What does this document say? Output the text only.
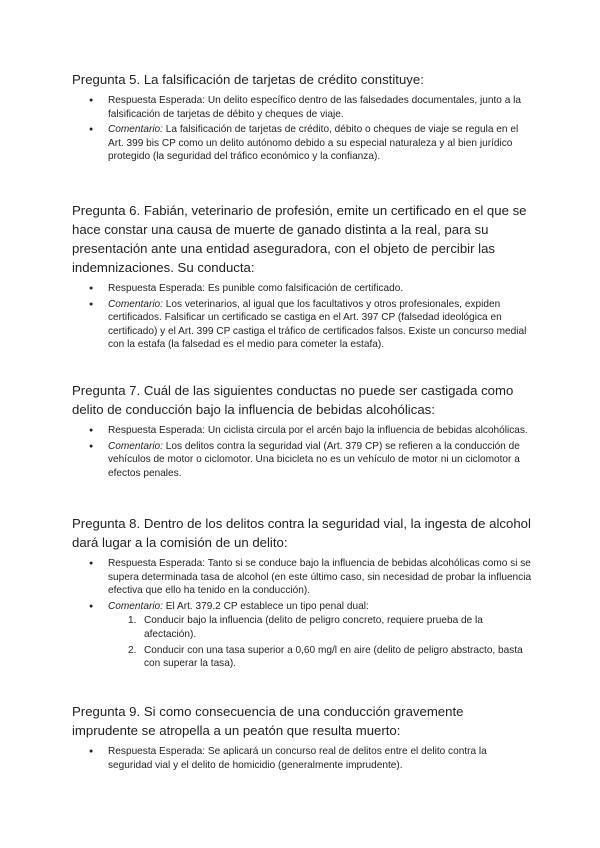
Pregunta 5. La falsificación de tarjetas de crédito constituye:
● Respuesta Esperada: Un delito específico dentro de las falsedades documentales, junto a la falsificación de tarjetas de débito y cheques de viaje.
● Comentario: La falsificación de tarjetas de crédito, débito o cheques de viaje se regula en el Art. 399 bis CP como un delito autónomo debido a su especial naturaleza y al bien jurídico protegido (la seguridad del tráfico económico y la confianza).
Pregunta 6. Fabián, veterinario de profesión, emite un certificado en el que se hace constar una causa de muerte de ganado distinta a la real, para su presentación ante una entidad aseguradora, con el objeto de percibir las indemnizaciones. Su conducta:
● Respuesta Esperada: Es punible como falsificación de certificado.
● Comentario: Los veterinarios, al igual que los facultativos y otros profesionales, expiden certificados. Falsificar un certificado se castiga en el Art. 397 CP (falsedad ideológica en certificado) y el Art. 399 CP castiga el tráfico de certificados falsos. Existe un concurso medial con la estafa (la falsedad es el medio para cometer la estafa).
Pregunta 7. Cuál de las siguientes conductas no puede ser castigada como delito de conducción bajo la influencia de bebidas alcohólicas:
● Respuesta Esperada: Un ciclista circula por el arcén bajo la influencia de bebidas alcohólicas.
● Comentario: Los delitos contra la seguridad vial (Art. 379 CP) se refieren a la conducción de vehículos de motor o ciclomotor. Una bicicleta no es un vehículo de motor ni un ciclomotor a efectos penales.
Pregunta 8. Dentro de los delitos contra la seguridad vial, la ingesta de alcohol dará lugar a la comisión de un delito:
● Respuesta Esperada: Tanto si se conduce bajo la influencia de bebidas alcohólicas como si se supera determinada tasa de alcohol (en este último caso, sin necesidad de probar la influencia efectiva que ello ha tenido en la conducción).
● Comentario: El Art. 379.2 CP establece un tipo penal dual:
1. Conducir bajo la influencia (delito de peligro concreto, requiere prueba de la afectación).
2. Conducir con una tasa superior a 0,60 mg/l en aire (delito de peligro abstracto, basta con superar la tasa).
Pregunta 9. Si como consecuencia de una conducción gravemente imprudente se atropella a un peatón que resulta muerto:
● Respuesta Esperada: Se aplicará un concurso real de delitos entre el delito contra la seguridad vial y el delito de homicidio (generalmente imprudente).
